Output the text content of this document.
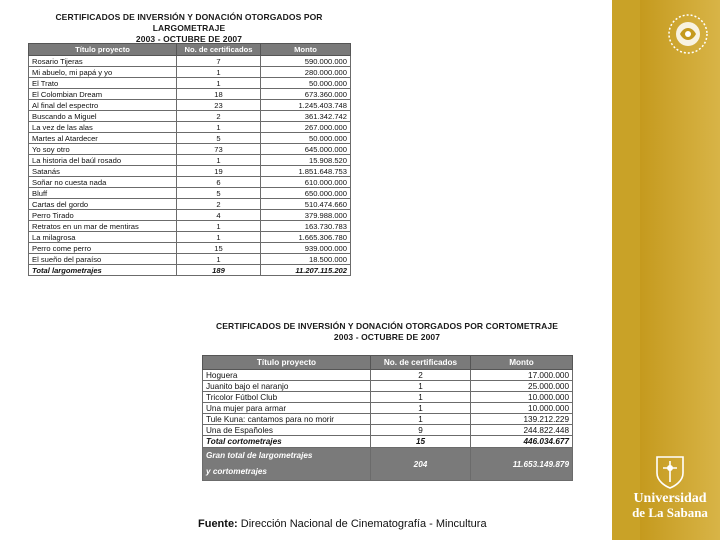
CERTIFICADOS DE INVERSIÓN Y DONACIÓN OTORGADOS POR LARGOMETRAJE
2003 - OCTUBRE DE 2007
Título proyecto	No. de certificados	Monto
Rosario Tijeras	7	590.000.000
Mi abuelo, mi papá y yo	1	280.000.000
El Trato	1	50.000.000
El Colombian Dream	18	673.360.000
Al final del espectro	23	1.245.403.748
Buscando a Miguel	2	361.342.742
La vez de las alas	1	267.000.000
Martes al Atardecer	5	50.000.000
Yo soy otro	73	645.000.000
La historia del baúl rosado	1	15.908.520
Satanás	19	1.851.648.753
Soñar no cuesta nada	6	610.000.000
Bluff	5	650.000.000
Cartas del gordo	2	510.474.660
Perro Tirado	4	379.988.000
Retratos en un mar de mentiras	1	163.730.783
La milagrosa	1	1.665.306.780
Perro come perro	15	939.000.000
El sueño del paraíso	1	18.500.000
Total largometrajes	189	11.207.115.202
CERTIFICADOS DE INVERSIÓN Y DONACIÓN OTORGADOS POR CORTOMETRAJE
2003 - OCTUBRE DE 2007
Título proyecto	No. de certificados	Monto
Hoguera	2	17.000.000
Juanito bajo el naranjo	1	25.000.000
Tricolor Fútbol Club	1	10.000.000
Una mujer para armar	1	10.000.000
Tule Kuna: cantamos para no morir	1	139.212.229
Una de Españoles	9	244.822.448
Total cortometrajes	15	446.034.677
Gran total de largometrajes
y cortometrajes	204	11.653.149.879
Fuente: Dirección Nacional de Cinematografía - Mincultura
Universidad
de La Sabana
